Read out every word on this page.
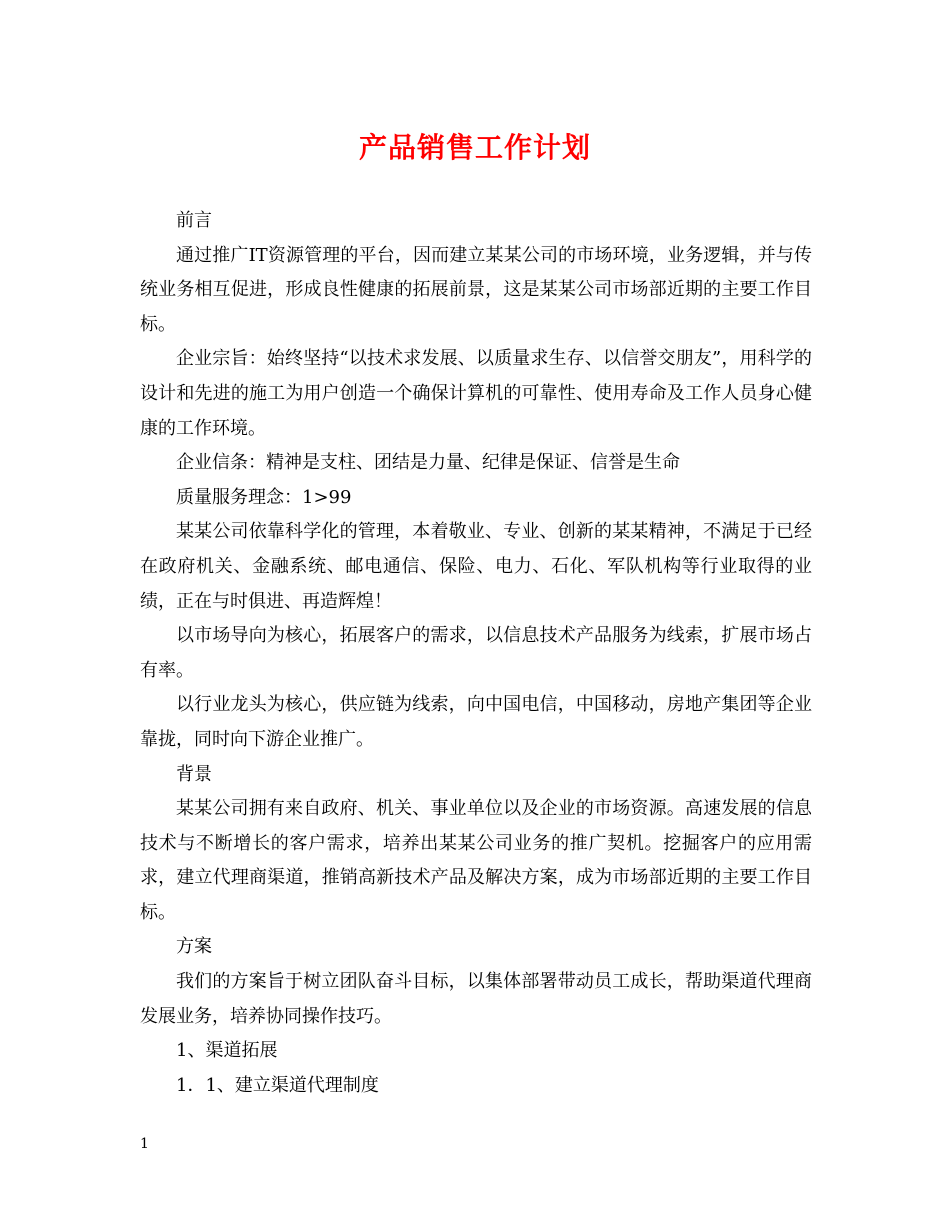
产品销售工作计划

前言

通过推广IT资源管理的平台，因而建立某某公司的市场环境，业务逻辑，并与传统业务相互促进，形成良性健康的拓展前景，这是某某公司市场部近期的主要工作目标。

企业宗旨：始终坚持“以技术求发展、以质量求生存、以信誉交朋友”，用科学的设计和先进的施工为用户创造一个确保计算机的可靠性、使用寿命及工作人员身心健康的工作环境。

企业信条：精神是支柱、团结是力量、纪律是保证、信誉是生命

质量服务理念：1>99

某某公司依靠科学化的管理，本着敬业、专业、创新的某某精神，不满足于已经在政府机关、金融系统、邮电通信、保险、电力、石化、军队机构等行业取得的业绩，正在与时俱进、再造辉煌！

以市场导向为核心，拓展客户的需求，以信息技术产品服务为线索，扩展市场占有率。

以行业龙头为核心，供应链为线索，向中国电信，中国移动，房地产集团等企业靠拢，同时向下游企业推广。

背景

某某公司拥有来自政府、机关、事业单位以及企业的市场资源。高速发展的信息技术与不断增长的客户需求，培养出某某公司业务的推广契机。挖掘客户的应用需求，建立代理商渠道，推销高新技术产品及解决方案，成为市场部近期的主要工作目标。

方案

我们的方案旨于树立团队奋斗目标，以集体部署带动员工成长，帮助渠道代理商发展业务，培养协同操作技巧。

1、渠道拓展

1．1、建立渠道代理制度

1
